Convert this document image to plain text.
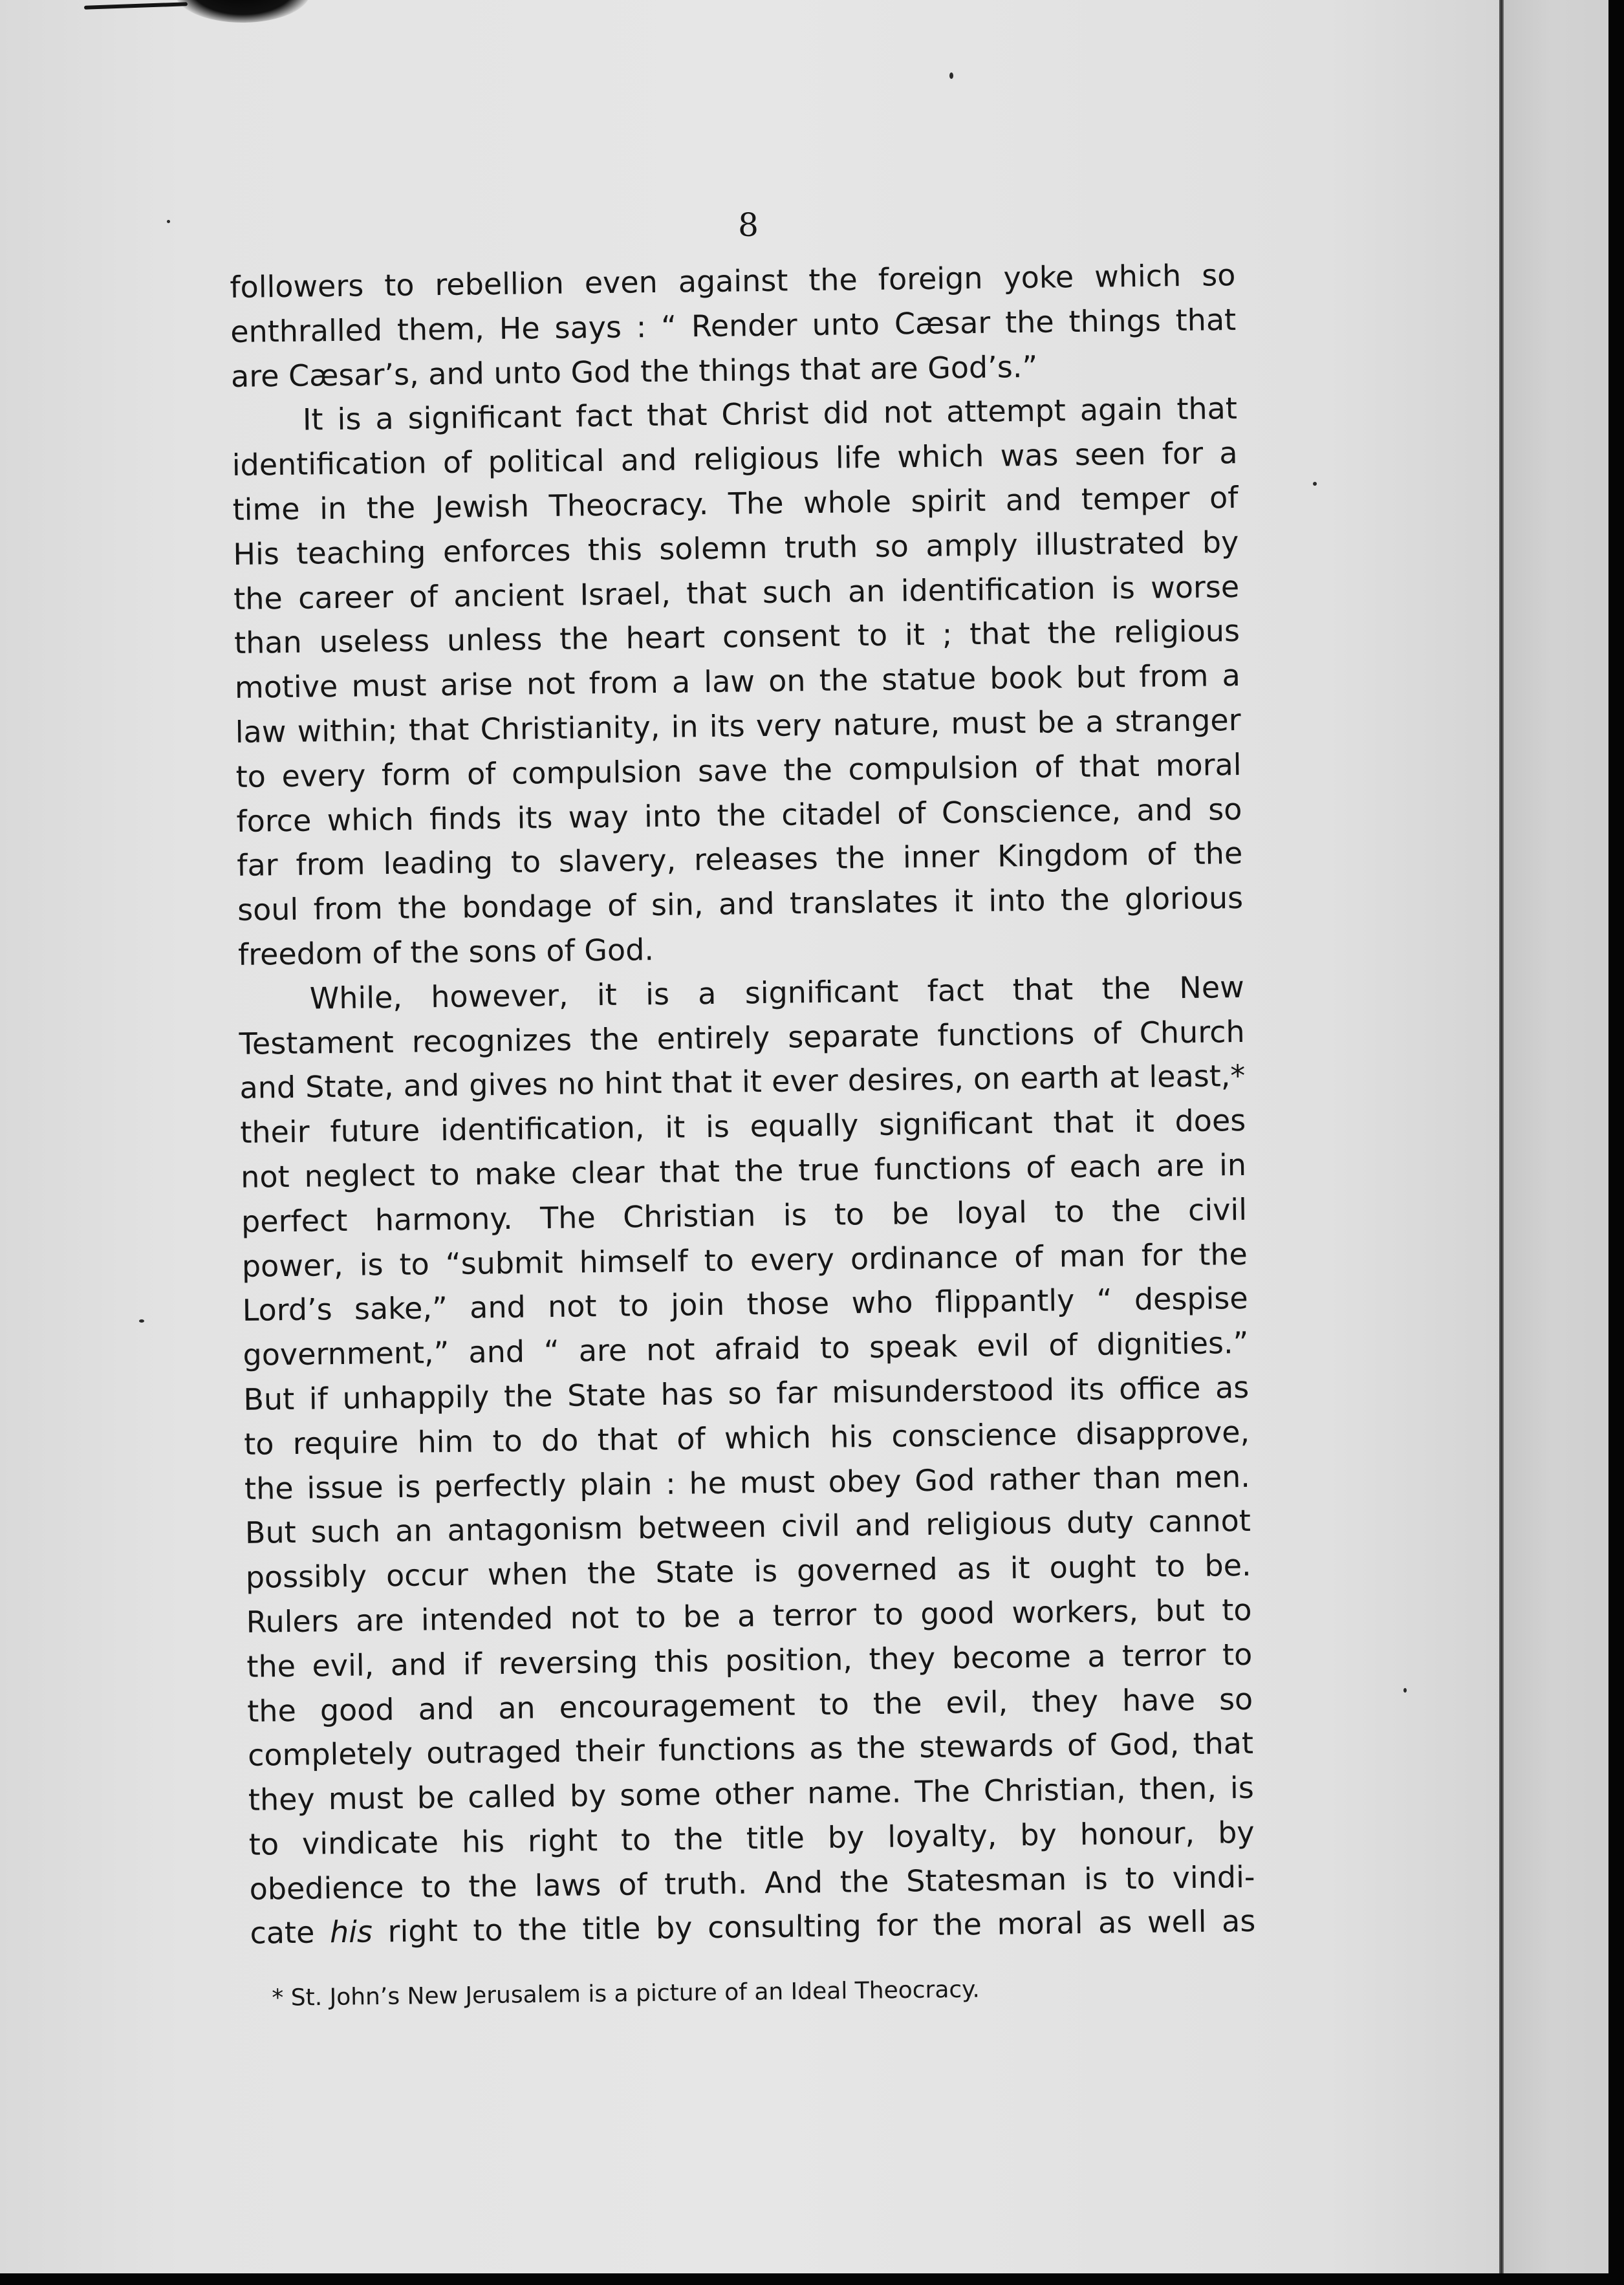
8
followers to rebellion even against the foreign yoke which so
enthralled them, He says : “ Render unto Cæsar the things that
are Cæsar’s, and unto God the things that are God’s.”
It is a significant fact that Christ did not attempt again that
identification of political and religious life which was seen for a
time in the Jewish Theocracy. The whole spirit and temper of
His teaching enforces this solemn truth so amply illustrated by
the career of ancient Israel, that such an identification is worse
than useless unless the heart consent to it ; that the religious
motive must arise not from a law on the statue book but from a
law within; that Christianity, in its very nature, must be a stranger
to every form of compulsion save the compulsion of that moral
force which finds its way into the citadel of Conscience, and so
far from leading to slavery, releases the inner Kingdom of the
soul from the bondage of sin, and translates it into the glorious
freedom of the sons of God.
While, however, it is a significant fact that the New
Testament recognizes the entirely separate functions of Church
and State, and gives no hint that it ever desires, on earth at least,*
their future identification, it is equally significant that it does
not neglect to make clear that the true functions of each are in
perfect harmony. The Christian is to be loyal to the civil
power, is to “submit himself to every ordinance of man for the
Lord’s sake,” and not to join those who flippantly “ despise
government,” and “ are not afraid to speak evil of dignities.”
But if unhappily the State has so far misunderstood its office as
to require him to do that of which his conscience disapprove,
the issue is perfectly plain : he must obey God rather than men.
But such an antagonism between civil and religious duty cannot
possibly occur when the State is governed as it ought to be.
Rulers are intended not to be a terror to good workers, but to
the evil, and if reversing this position, they become a terror to
the good and an encouragement to the evil, they have so
completely outraged their functions as the stewards of God, that
they must be called by some other name. The Christian, then, is
to vindicate his right to the title by loyalty, by honour, by
obedience to the laws of truth. And the Statesman is to vindi-
cate his right to the title by consulting for the moral as well as
* St. John’s New Jerusalem is a picture of an Ideal Theocracy.
